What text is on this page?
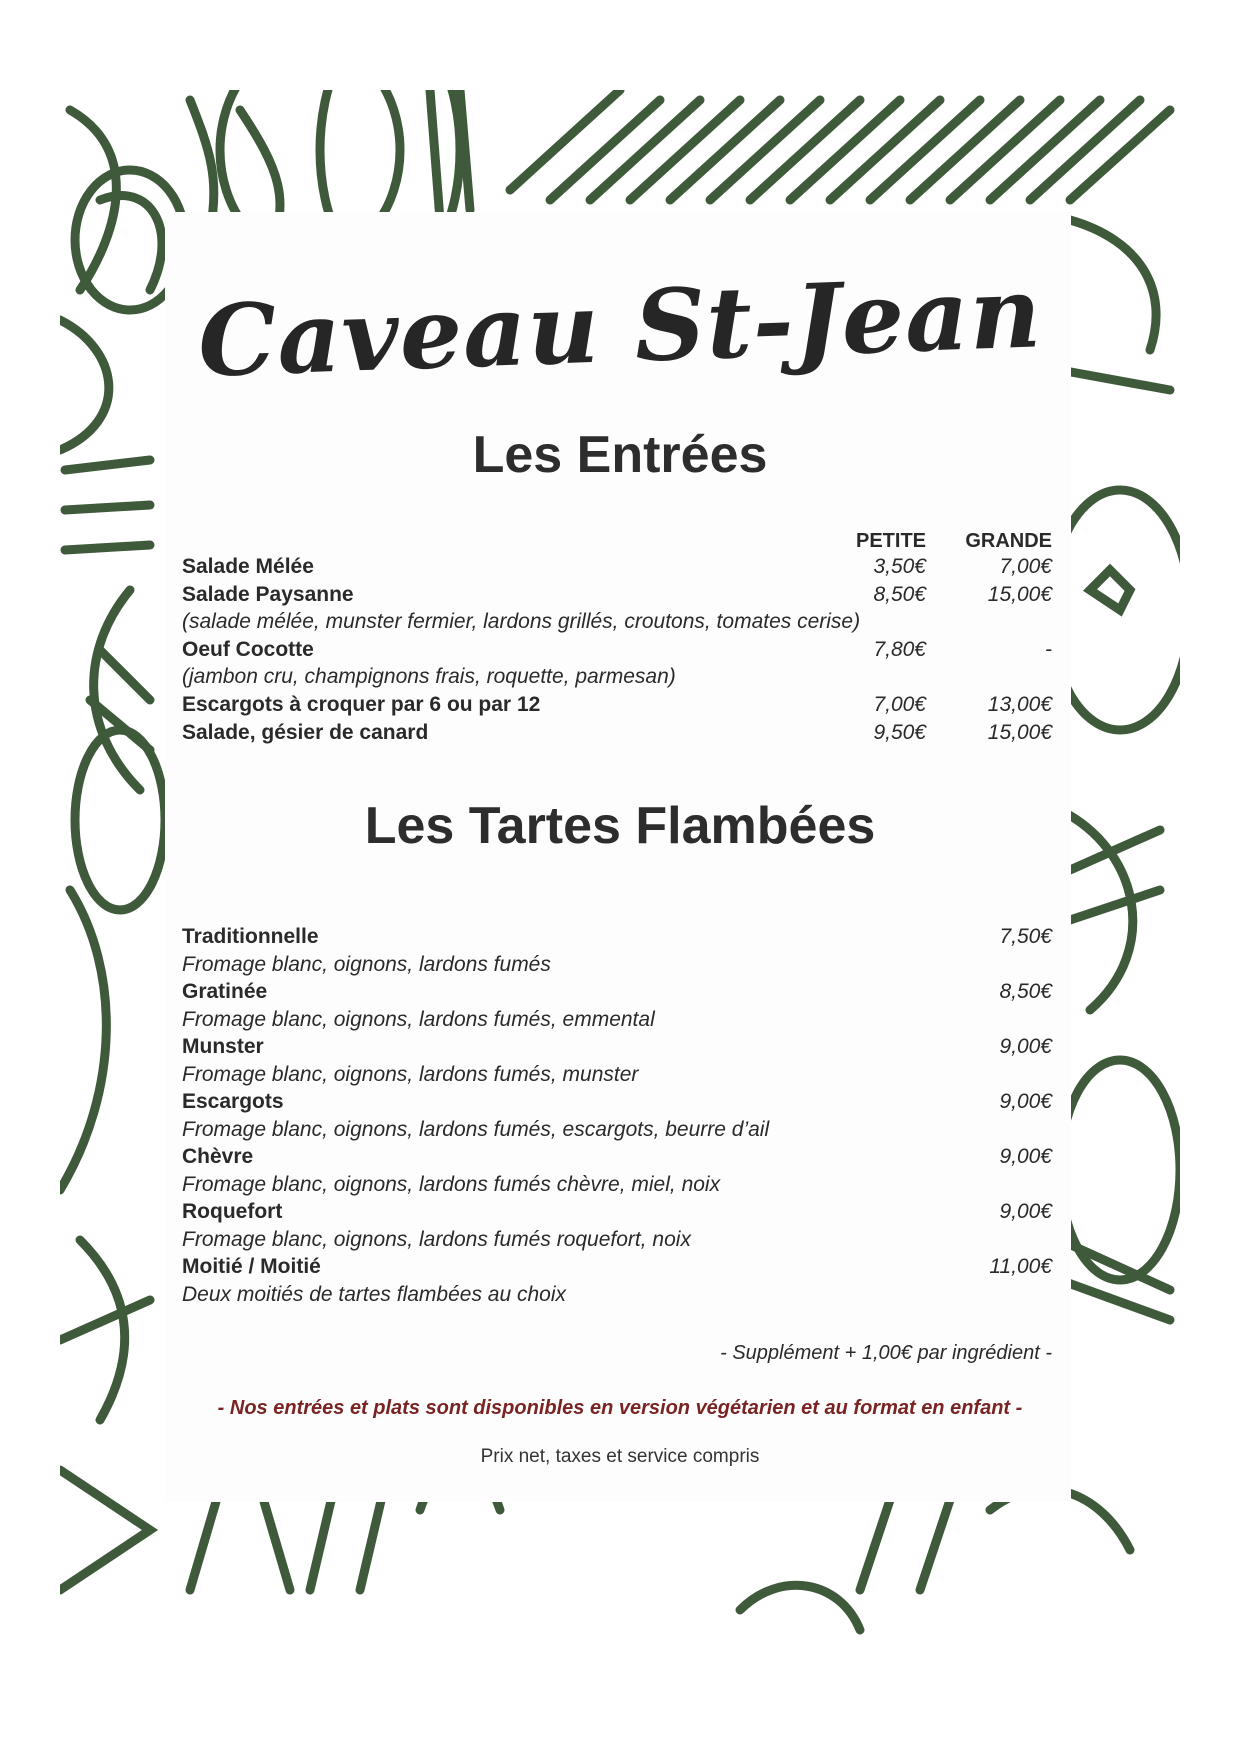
Caveau St-Jean
Les Entrées
PETITE	GRANDE
Salade Mélée	3,50€	7,00€
Salade Paysanne	8,50€	15,00€
(salade mélée, munster fermier, lardons grillés, croutons, tomates cerise)
Oeuf Cocotte	7,80€	-
(jambon cru, champignons frais, roquette, parmesan)
Escargots à croquer par 6 ou par 12	7,00€	13,00€
Salade, gésier de canard	9,50€	15,00€
Les Tartes Flambées
Traditionnelle	7,50€
Fromage blanc, oignons, lardons fumés
Gratinée	8,50€
Fromage blanc, oignons, lardons fumés, emmental
Munster	9,00€
Fromage blanc, oignons, lardons fumés, munster
Escargots	9,00€
Fromage blanc, oignons, lardons fumés, escargots, beurre d’ail
Chèvre	9,00€
Fromage blanc, oignons, lardons fumés chèvre, miel, noix
Roquefort	9,00€
Fromage blanc, oignons, lardons fumés roquefort, noix
Moitié / Moitié	11,00€
Deux moitiés de tartes flambées au choix
- Supplément + 1,00€ par ingrédient -
- Nos entrées et plats sont disponibles en version végétarien et au format en enfant -
Prix net, taxes et service compris
